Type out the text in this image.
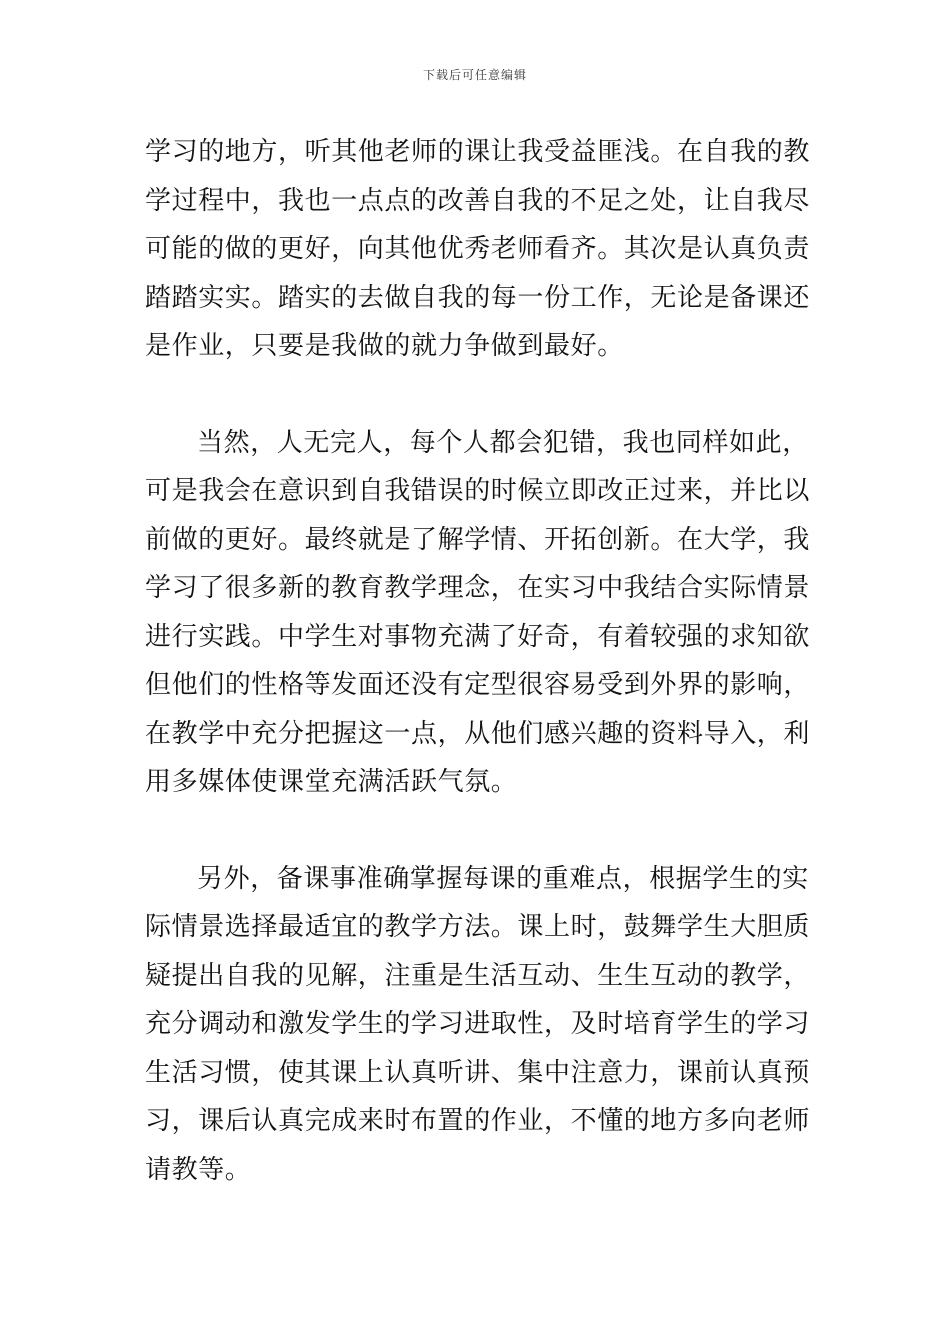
下载后可任意编辑
学习的地方，听其他老师的课让我受益匪浅。在自我的教
学过程中，我也一点点的改善自我的不足之处，让自我尽
可能的做的更好，向其他优秀老师看齐。其次是认真负责
踏踏实实。踏实的去做自我的每一份工作，无论是备课还
是作业，只要是我做的就力争做到最好。
当然，人无完人，每个人都会犯错，我也同样如此，
可是我会在意识到自我错误的时候立即改正过来，并比以
前做的更好。最终就是了解学情、开拓创新。在大学，我
学习了很多新的教育教学理念，在实习中我结合实际情景
进行实践。中学生对事物充满了好奇，有着较强的求知欲
但他们的性格等发面还没有定型很容易受到外界的影响，
在教学中充分把握这一点，从他们感兴趣的资料导入，利
用多媒体使课堂充满活跃气氛。
另外，备课事准确掌握每课的重难点，根据学生的实
际情景选择最适宜的教学方法。课上时，鼓舞学生大胆质
疑提出自我的见解，注重是生活互动、生生互动的教学，
充分调动和激发学生的学习进取性，及时培育学生的学习
生活习惯，使其课上认真听讲、集中注意力，课前认真预
习，课后认真完成来时布置的作业，不懂的地方多向老师
请教等。
